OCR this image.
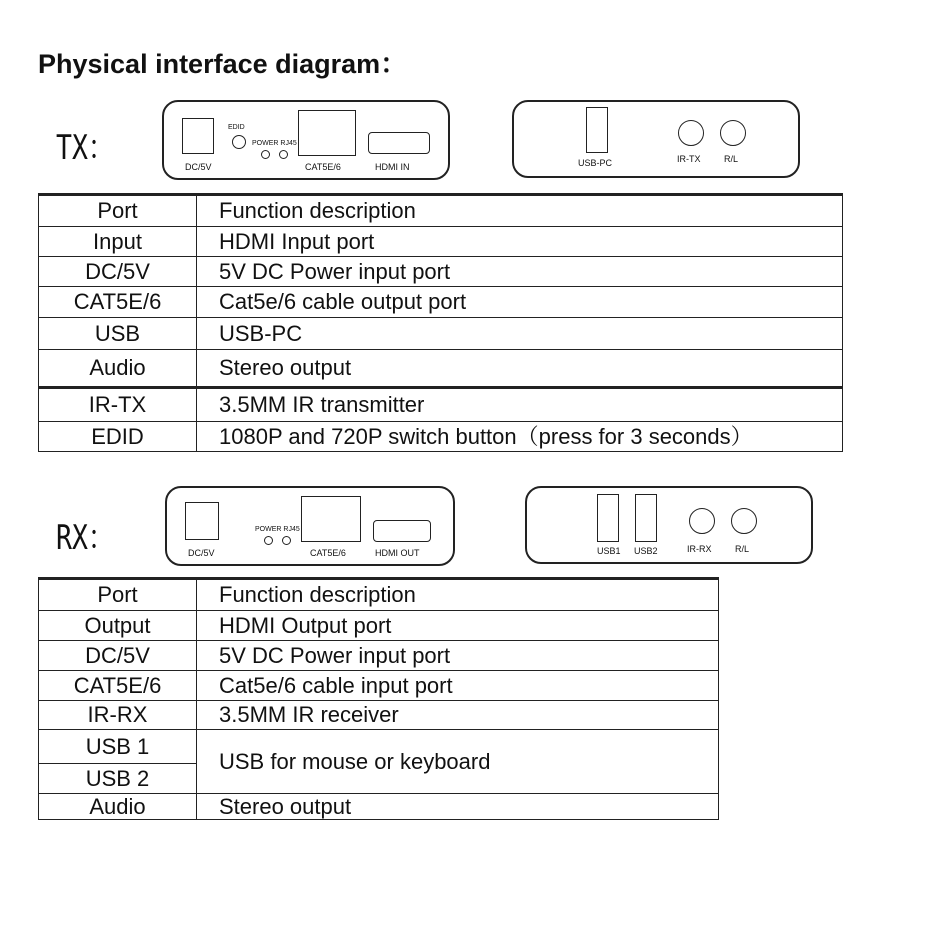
Physical interface diagram：
TX：	DC/5V
EDID
POWER RJ45
CAT5E/6	HDMI IN	USB-PC	IR-TX	R/L
Port	Function description
Input	HDMI Input port
DC/5V	5V DC Power input port
CAT5E/6	Cat5e/6 cable output port
USB	USB-PC
Audio	Stereo output
IR-TX	3.5MM IR transmitter
EDID	1080P and 720P switch button（press for 3 seconds）
RX：	DC/5V
POWER RJ45
CAT5E/6	HDMI OUT	USB1 USB2	IR-RX	R/L
Port	Function description
Output	HDMI Output port
DC/5V	5V DC Power input port
CAT5E/6	Cat5e/6 cable input port
IR-RX	3.5MM IR receiver
USB 1	USB for mouse or keyboard
USB 2	
Audio	Stereo output
